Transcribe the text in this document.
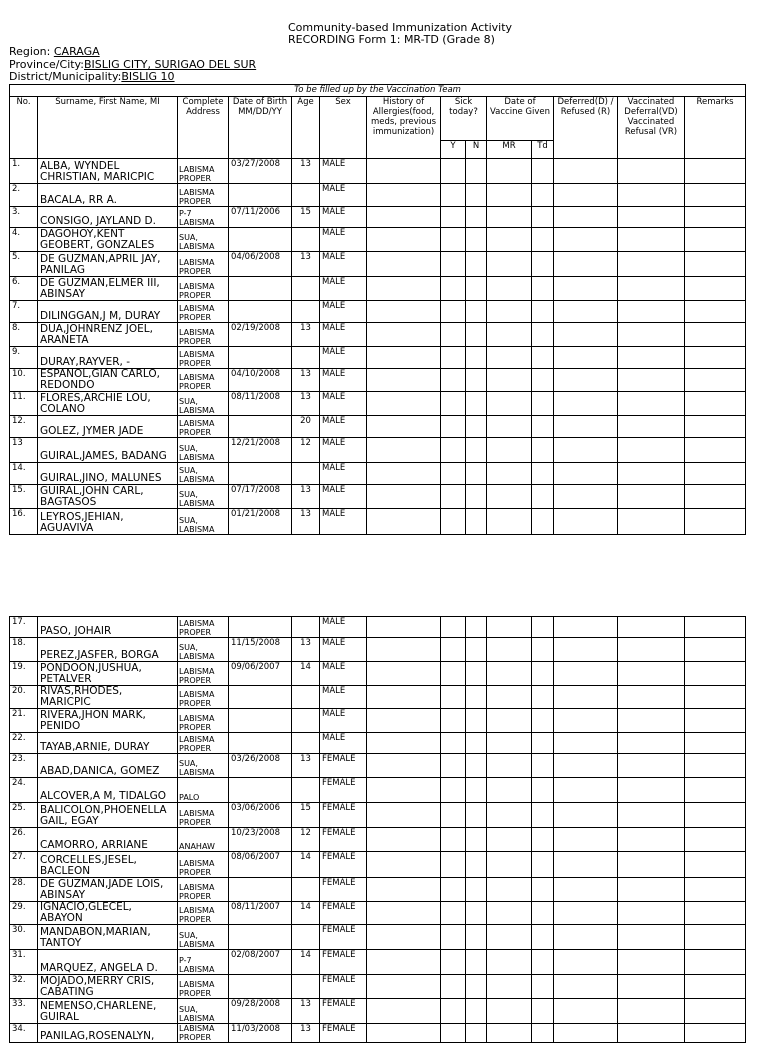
Community-based Immunization Activity
RECORDING Form 1: MR-TD (Grade 8)
Region: CARAGA
Province/City:BISLIG CITY, SURIGAO DEL SUR
District/Municipality:BISLIG 10
To be filled up by the Vaccination Team													
No.	Surname, First Name, MI	Complete Address	Date of Birth MM/DD/YY	Age	Sex	History of Allergies(food, meds, previous immunization)	Sick today?		Date of Vaccine Given		Deferred(D) / Refused (R)	Vaccinated Deferral(VD) Vaccinated Refusal (VR)	Remarks
							Y	N	MR	Td			
1.	ALBA, WYNDEL CHRISTIAN, MARICPIC	LABISMA PROPER	03/27/2008	13	MALE								
2.	BACALA, RR A.	LABISMA PROPER			MALE								
3.	CONSIGO, JAYLAND D.	P-7 LABISMA	07/11/2006	15	MALE								
4.	DAGOHOY,KENT GEOBERT, GONZALES	SUA, LABISMA			MALE								
5.	DE GUZMAN,APRIL JAY, PANILAG	LABISMA PROPER	04/06/2008	13	MALE								
6.	DE GUZMAN,ELMER III, ABINSAY	LABISMA PROPER			MALE								
7.	DILINGGAN,J M, DURAY	LABISMA PROPER			MALE								
8.	DUA,JOHNRENZ JOEL, ARANETA	LABISMA PROPER	02/19/2008	13	MALE								
9.	DURAY,RAYVER, -	LABISMA PROPER			MALE								
10.	ESPANOL,GIAN CARLO, REDONDO	LABISMA PROPER	04/10/2008	13	MALE								
11.	FLORES,ARCHIE LOU, COLANO	SUA, LABISMA	08/11/2008	13	MALE								
12.	GOLEZ, JYMER JADE	LABISMA PROPER		20	MALE								
13	GUIRAL,JAMES, BADANG	SUA, LABISMA	12/21/2008	12	MALE								
14.	GUIRAL,JINO, MALUNES	SUA, LABISMA			MALE								
15.	GUIRAL,JOHN CARL, BAGTASOS	SUA, LABISMA	07/17/2008	13	MALE								
16.	LEYROS,JEHIAN, AGUAVIVA	SUA, LABISMA	01/21/2008	13	MALE								
17.	PASO, JOHAIR	LABISMA PROPER			MALE								
18.	PEREZ,JASFER, BORGA	SUA, LABISMA	11/15/2008	13	MALE								
19.	PONDOON,JUSHUA, PETALVER	LABISMA PROPER	09/06/2007	14	MALE								
20.	RIVAS,RHODES, MARICPIC	LABISMA PROPER			MALE								
21.	RIVERA,JHON MARK, PENIDO	LABISMA PROPER			MALE								
22.	TAYAB,ARNIE, DURAY	LABISMA PROPER			MALE								
23.	ABAD,DANICA, GOMEZ	SUA, LABISMA	03/26/2008	13	FEMALE								
24.	ALCOVER,A M, TIDALGO	PALO			FEMALE								
25.	BALICOLON,PHOENELLA GAIL, EGAY	LABISMA PROPER	03/06/2006	15	FEMALE								
26.	CAMORRO, ARRIANE	ANAHAW	10/23/2008	12	FEMALE								
27.	CORCELLES,JESEL, BACLEON	LABISMA PROPER	08/06/2007	14	FEMALE								
28.	DE GUZMAN,JADE LOIS, ABINSAY	LABISMA PROPER			FEMALE								
29.	IGNACIO,GLECEL, ABAYON	LABISMA PROPER	08/11/2007	14	FEMALE								
30.	MANDABON,MARIAN, TANTOY	SUA, LABISMA			FEMALE								
31.	MARQUEZ, ANGELA D.	P-7 LABISMA	02/08/2007	14	FEMALE								
32.	MOJADO,MERRY CRIS, CABATING	LABISMA PROPER			FEMALE								
33.	NEMENSO,CHARLENE, GUIRAL	SUA, LABISMA	09/28/2008	13	FEMALE								
34.	PANILAG,ROSENALYN,	LABISMA PROPER	11/03/2008	13	FEMALE								
